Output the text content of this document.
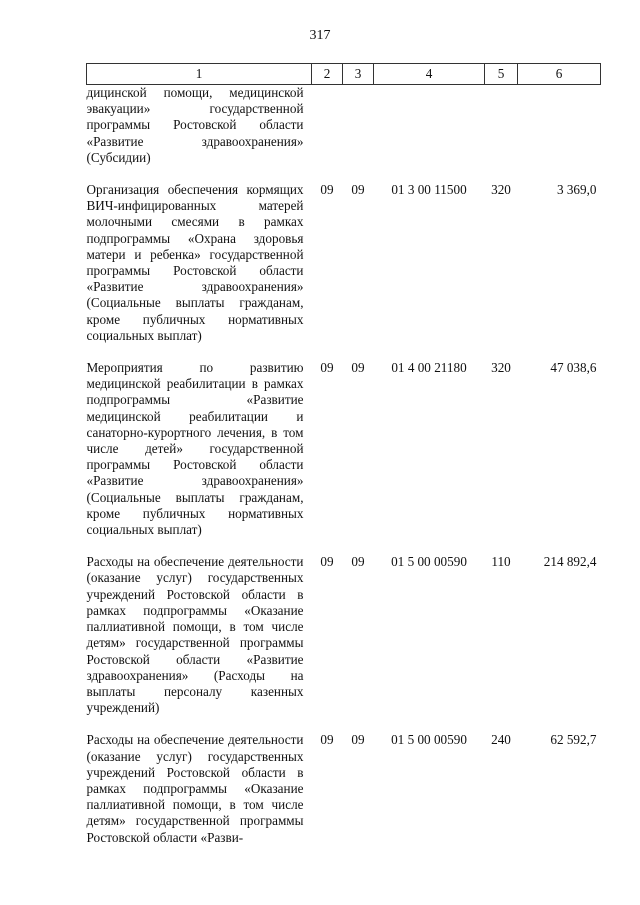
317
1	2	3	4	5	6
дицинской помощи, медицинской эвакуации» государственной программы Ростовской области «Развитие здравоохранения» (Субсидии)					

Организация обеспечения кормящих ВИЧ-инфицированных матерей молочными смесями в рамках подпрограммы «Охрана здоровья матери и ребенка» государственной программы Ростовской области «Развитие здравоохранения» (Социальные выплаты гражданам, кроме публичных нормативных социальных выплат)	09	09	01 3 00 11500	320	3 369,0

Мероприятия по развитию медицинской реабилитации в рамках подпрограммы «Развитие медицинской реабилитации и санаторно-курортного лечения, в том числе детей» государственной программы Ростовской области «Развитие здравоохранения» (Социальные выплаты гражданам, кроме публичных нормативных социальных выплат)	09	09	01 4 00 21180	320	47 038,6

Расходы на обеспечение деятельности (оказание услуг) государственных учреждений Ростовской области в рамках подпрограммы «Оказание паллиативной помощи, в том числе детям» государственной программы Ростовской области «Развитие здравоохранения» (Расходы на выплаты персоналу казенных учреждений)	09	09	01 5 00 00590	110	214 892,4

Расходы на обеспечение деятельности (оказание услуг) государственных учреждений Ростовской области в рамках подпрограммы «Оказание паллиативной помощи, в том числе детям» государственной программы Ростовской области «Разви-	09	09	01 5 00 00590	240	62 592,7
